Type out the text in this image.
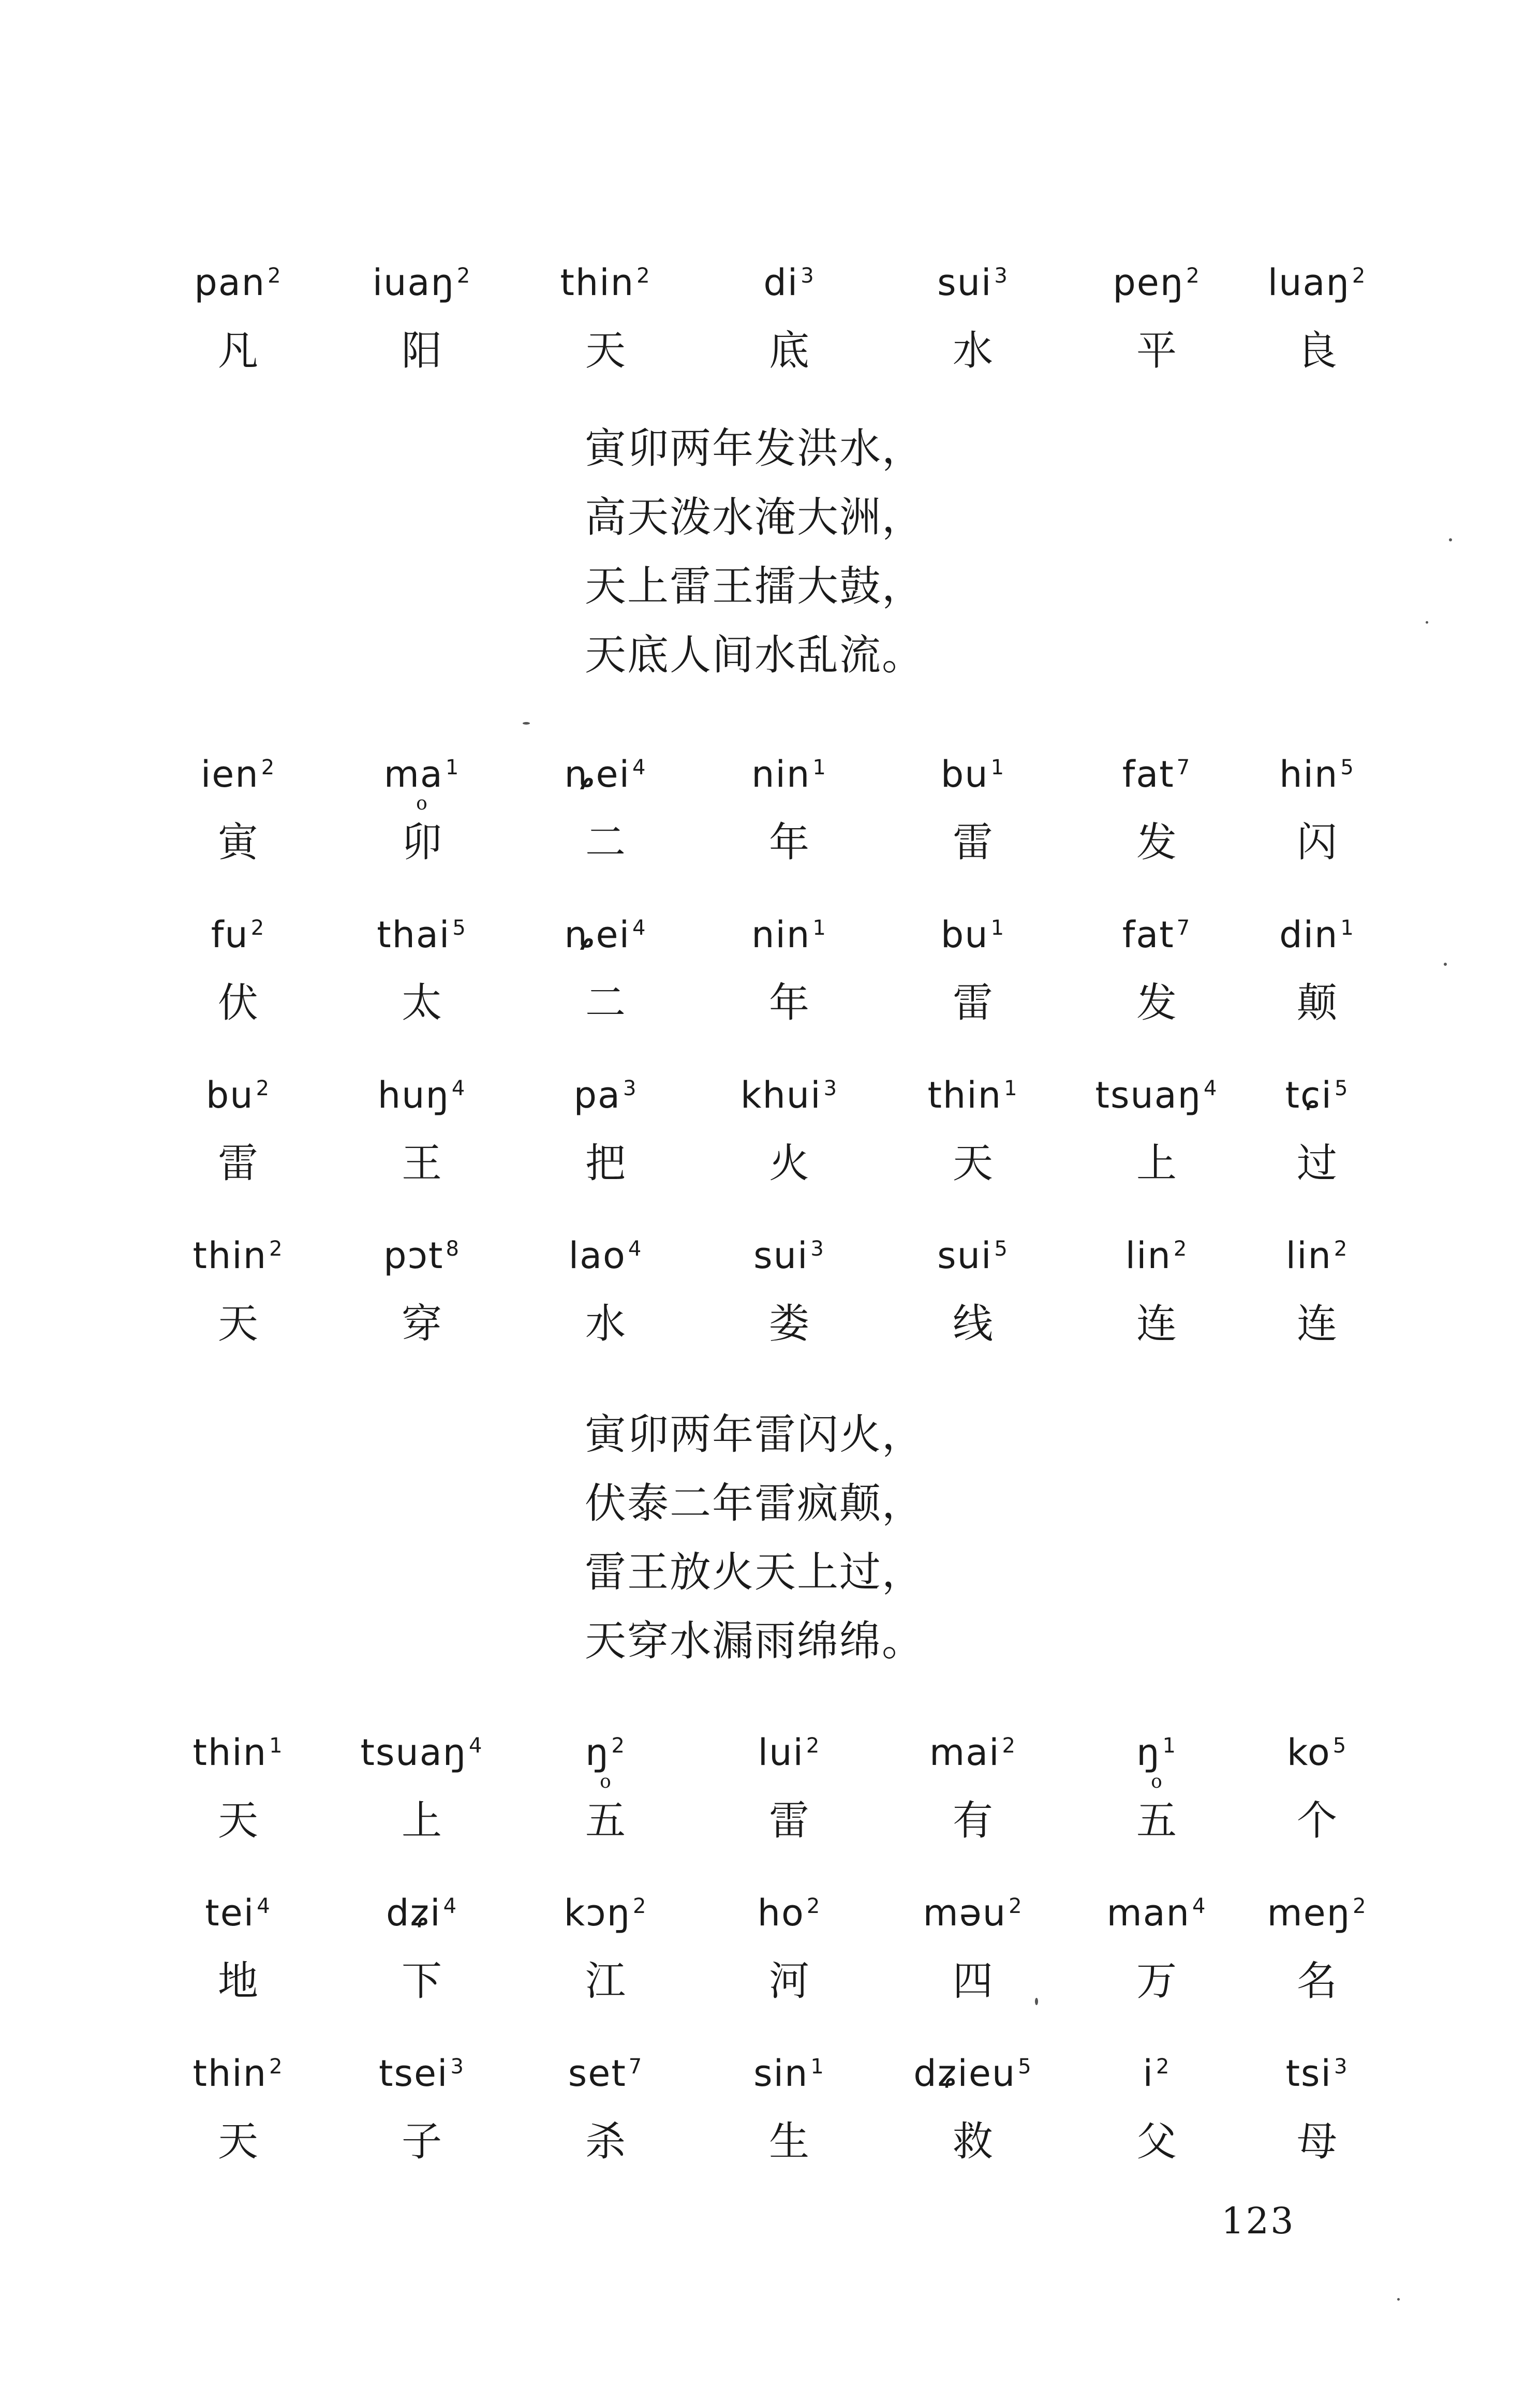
pan $^2$
凡
iuaŋ $^2$
阳
thin $^2$
天
di $^3$
底
sui $^3$
水
peŋ $^2$
平
luaŋ $^2$
良
寅卯两年发洪水，
高天泼水淹大洲，
天上雷王擂大鼓，
天底人间水乱流。
ien $^2$
寅
ma $^1$
o
卯
ȵei $^4$
二
nin $^1$
年
bu $^1$
雷
fat $^7$
发
hin $^5$
闪
fu $^2$
伏
thai $^5$
太
ȵei $^4$
二
nin $^1$
年
bu $^1$
雷
fat $^7$
发
din $^1$
颠
bu $^2$
雷
huŋ $^4$
王
pa $^3$
把
khui $^3$
火
thin $^1$
天
tsuaŋ $^4$
上
tɕi $^5$
过
thin $^2$
天
pɔt $^8$
穿
lao $^4$
水
sui $^3$
娄
sui $^5$
线
lin $^2$
连
lin $^2$
连
寅卯两年雷闪火，
伏泰二年雷疯颠，
雷王放火天上过，
天穿水漏雨绵绵。
thin $^1$
天
tsuaŋ $^4$
上
ŋ $^2$
o
五
lui $^2$
雷
mai $^2$
有
ŋ $^1$
o
五
ko $^5$
个
tei $^4$
地
dʑi $^4$
下
kɔŋ $^2$
江
ho $^2$
河
məu $^2$
四
man $^4$
万
meŋ $^2$
名
thin $^2$
天
tsei $^3$
子
set $^7$
杀
sin $^1$
生
dʑieu $^5$
救
i $^2$
父
tsi $^3$
母
123
